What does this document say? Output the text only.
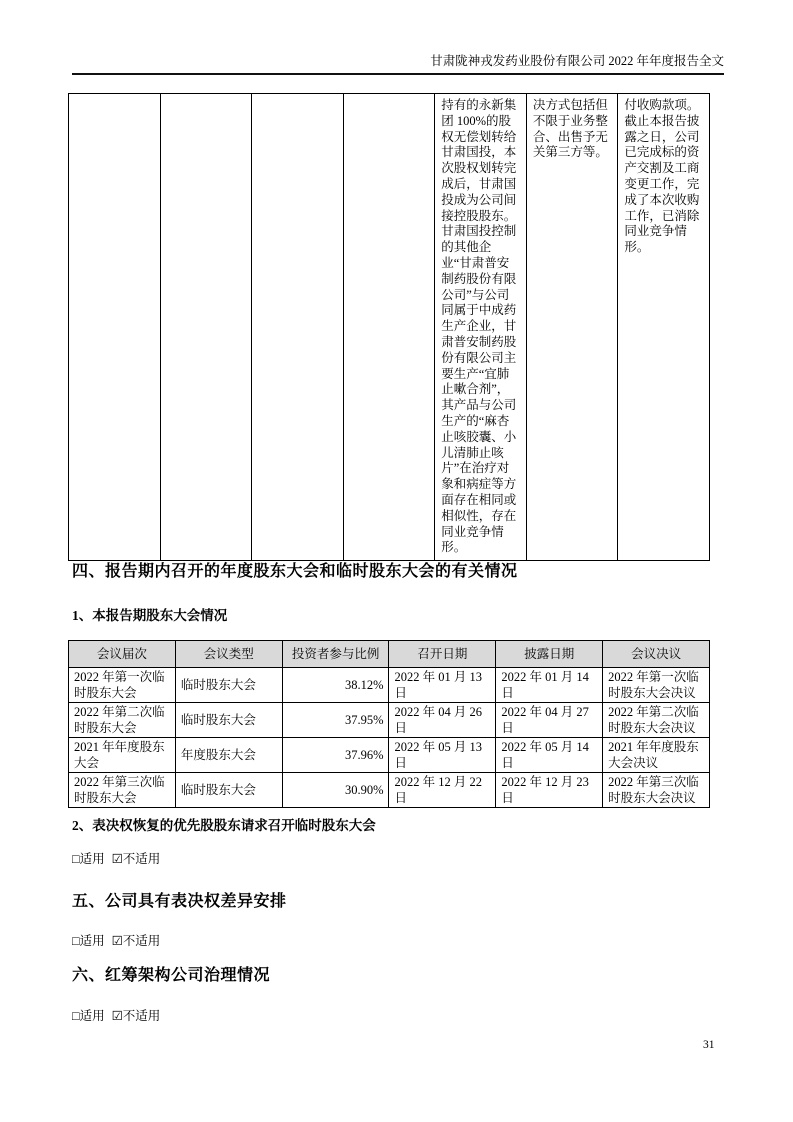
甘肃陇神戎发药业股份有限公司 2022 年年度报告全文
				持有的永新集团 100%的股权无偿划转给甘肃国投，本次股权划转完成后，甘肃国投成为公司间接控股股东。甘肃国投控制的其他企业“甘肃普安制药股份有限公司”与公司同属于中成药生产企业，甘肃普安制药股份有限公司主要生产“宜肺止嗽合剂”，其产品与公司生产的“麻杏止咳胶囊、小儿清肺止咳片”在治疗对象和病症等方面存在相同或相似性，存在同业竞争情形。	决方式包括但不限于业务整合、出售予无关第三方等。	付收购款项。截止本报告披露之日，公司已完成标的资产交割及工商变更工作，完成了本次收购工作，已消除同业竞争情形。
四、报告期内召开的年度股东大会和临时股东大会的有关情况
1、本报告期股东大会情况
会议届次	会议类型	投资者参与比例	召开日期	披露日期	会议决议
2022 年第一次临时股东大会	临时股东大会	38.12%	2022 年 01 月 13 日	2022 年 01 月 14 日	2022 年第一次临时股东大会决议
2022 年第二次临时股东大会	临时股东大会	37.95%	2022 年 04 月 26 日	2022 年 04 月 27 日	2022 年第二次临时股东大会决议
2021 年年度股东大会	年度股东大会	37.96%	2022 年 05 月 13 日	2022 年 05 月 14 日	2021 年年度股东大会决议
2022 年第三次临时股东大会	临时股东大会	30.90%	2022 年 12 月 22 日	2022 年 12 月 23 日	2022 年第三次临时股东大会决议
2、表决权恢复的优先股股东请求召开临时股东大会
□适用 ☑不适用
五、公司具有表决权差异安排
□适用 ☑不适用
六、红筹架构公司治理情况
□适用 ☑不适用
31
